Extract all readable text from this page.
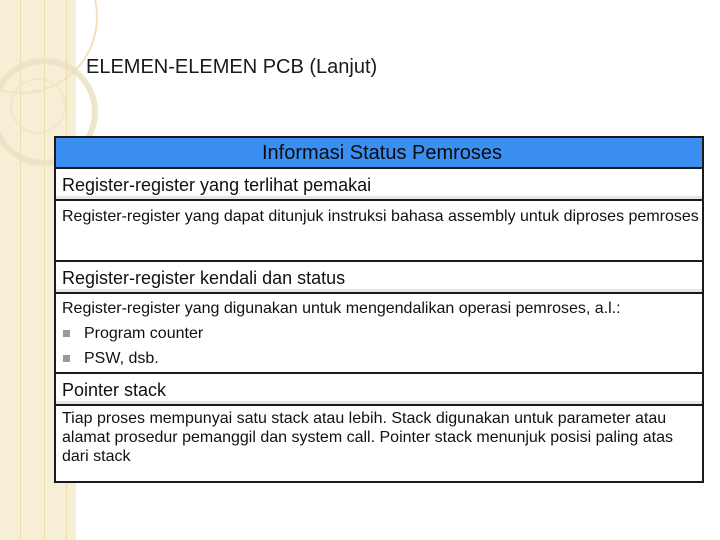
ELEMEN-ELEMEN PCB (Lanjut)
Informasi Status Pemroses
Register-register yang terlihat pemakai
Register-register yang dapat ditunjuk instruksi bahasa assembly untuk diproses pemroses
Register-register kendali dan status
Register-register yang digunakan untuk mengendalikan operasi pemroses, a.l.:
Program counter
PSW, dsb.
Pointer stack
Tiap proses mempunyai satu stack atau lebih. Stack digunakan untuk parameter atau alamat prosedur pemanggil dan system call. Pointer stack menunjuk posisi paling atas dari stack
